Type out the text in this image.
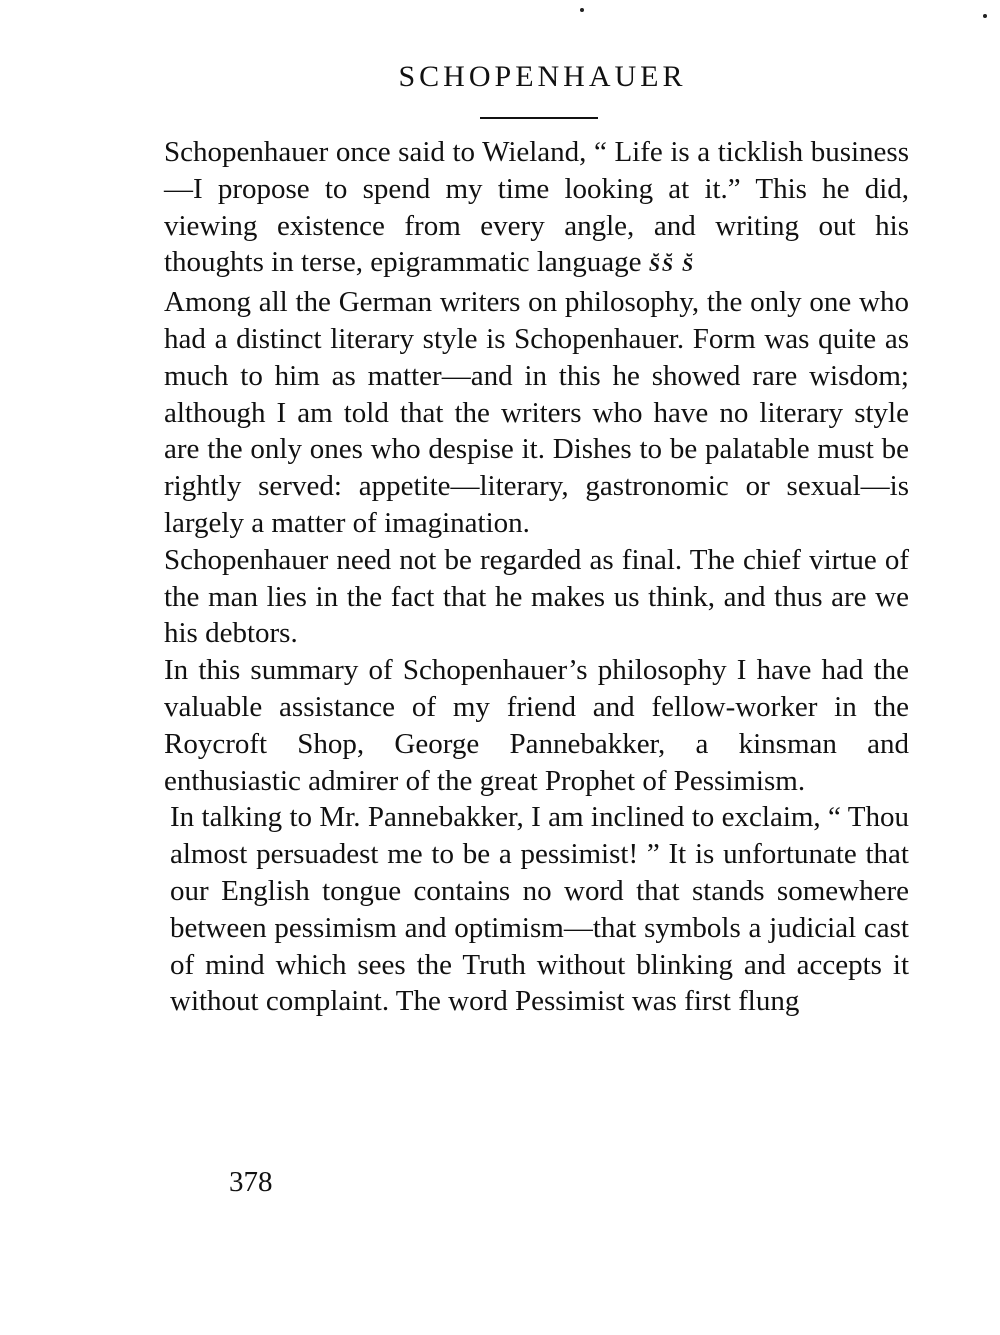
SCHOPENHAUER

Schopenhauer once said to Wieland, “ Life is a ticklish business—I propose to spend my time looking at it.” This he did, viewing existence from every angle, and writing out his thoughts in terse, epigrammatic language S̆S̆ S̆

Among all the German writers on philosophy, the only one who had a distinct literary style is Schopenhauer. Form was quite as much to him as matter—and in this he showed rare wisdom; although I am told that the writers who have no literary style are the only ones who despise it. Dishes to be palatable must be rightly served: appetite—literary, gastronomic or sexual—is largely a matter of imagination.

Schopenhauer need not be regarded as final. The chief virtue of the man lies in the fact that he makes us think, and thus are we his debtors.

In this summary of Schopenhauer’s philosophy I have had the valuable assistance of my friend and fellow-worker in the Roycroft Shop, George Pannebakker, a kinsman and enthusiastic admirer of the great Prophet of Pessimism.

In talking to Mr. Pannebakker, I am inclined to exclaim, “ Thou almost persuadest me to be a pessimist! ” It is unfortunate that our English tongue contains no word that stands somewhere between pessimism and optimism—that symbols a judicial cast of mind which sees the Truth without blinking and accepts it without complaint. The word Pessimist was first flung

378
